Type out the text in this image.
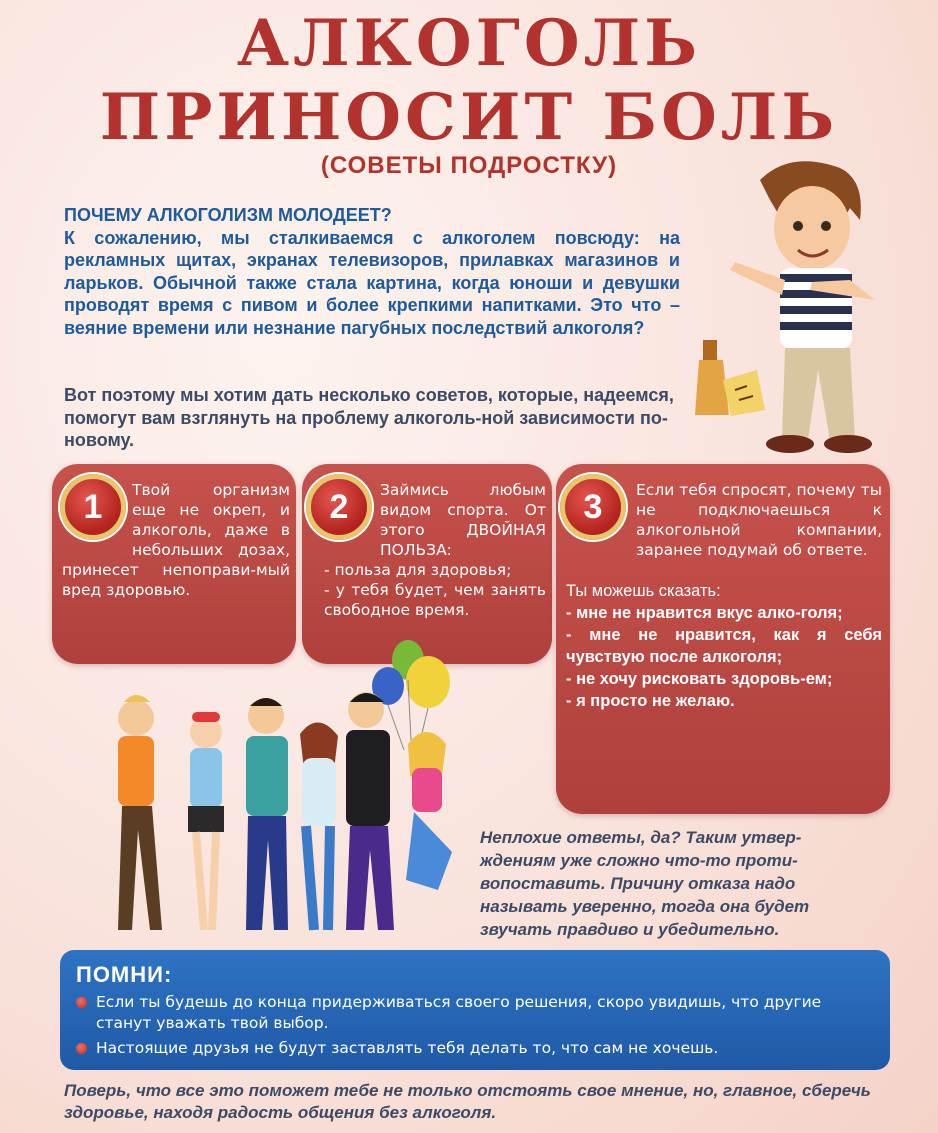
АЛКОГОЛЬ
ПРИНОСИТ БОЛЬ
(СОВЕТЫ ПОДРОСТКУ)
ПОЧЕМУ АЛКОГОЛИЗМ МОЛОДЕЕТ?
К сожалению, мы сталкиваемся с алкоголем повсюду: на рекламных щитах, экранах телевизоров, прилавках магазинов и ларьков. Обычной также стала картина, когда юноши и девушки проводят время с пивом и более крепкими напитками. Это что – веяние времени или незнание пагубных последствий алкоголя?
Вот поэтому мы хотим дать несколько советов, которые, надеемся, помогут вам взглянуть на проблему алкоголь-ной зависимости по-новому.
1	Твой организм еще не окреп, и алкоголь, даже в небольших дозах, принесет непоправи-мый вред здоровью.
2	Займись любым видом спорта. От этого ДВОЙНАЯ ПОЛЬЗА:
- польза для здоровья;
- у тебя будет, чем занять свободное время.
3	Если тебя спросят, почему ты не подключаешься к алкогольной компании, заранее подумай об ответе.
Ты можешь сказать:
- мне не нравится вкус алко-голя;
- мне не нравится, как я себя чувствую после алкоголя;
- не хочу рисковать здоровь-ем;
- я просто не желаю.
Неплохие ответы, да? Таким утвер-ждениям уже сложно что-то проти-вопоставить. Причину отказа надо называть уверенно, тогда она будет звучать правдиво и убедительно.
ПОМНИ:
Если ты будешь до конца придерживаться своего решения, скоро увидишь, что другие станут уважать твой выбор.
Настоящие друзья не будут заставлять тебя делать то, что сам не хочешь.
Поверь, что все это поможет тебе не только отстоять свое мнение, но, главное, сберечь здоровье, находя радость общения без алкоголя.
